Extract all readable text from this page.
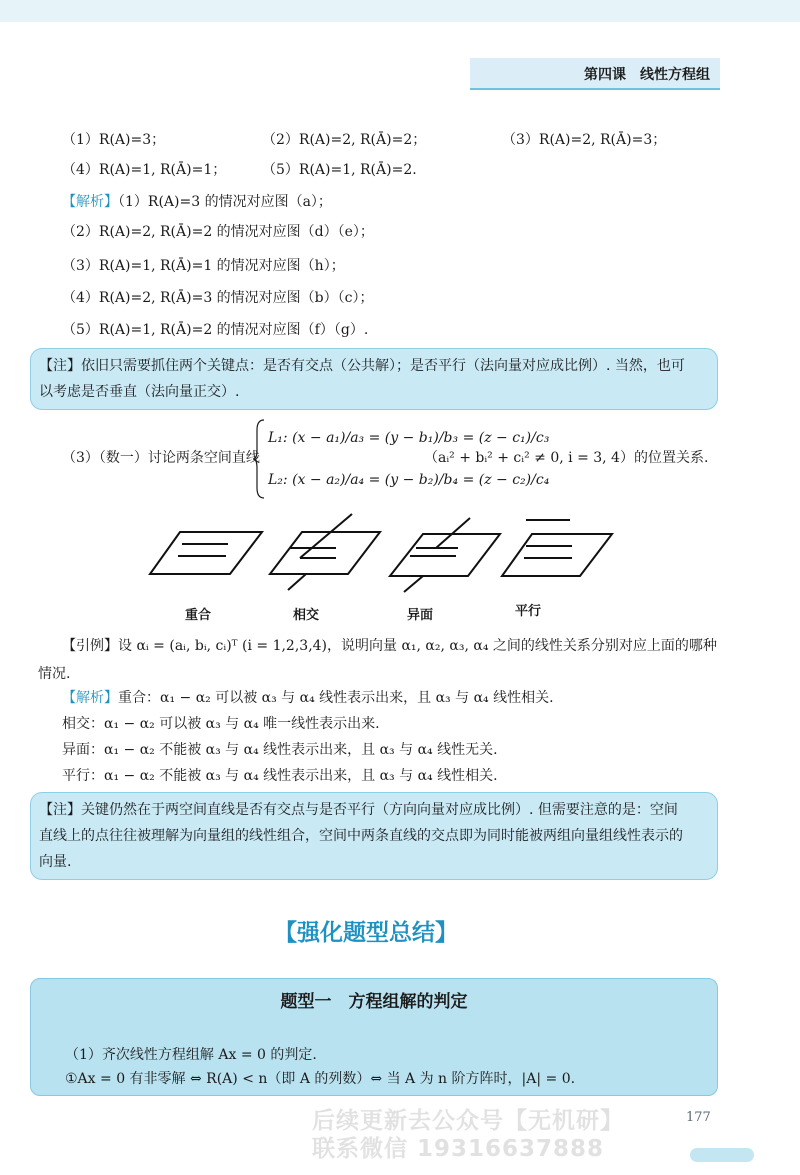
第四课　线性方程组
（1）R(A)=3；	（2）R(A)=2, R(Ā)=2；	（3）R(A)=2, R(Ā)=3；
（4）R(A)=1, R(Ā)=1；	（5）R(A)=1, R(Ā)=2.
【解析】（1）R(A)=3 的情况对应图（a）；
（2）R(A)=2, R(Ā)=2 的情况对应图（d）（e）；
（3）R(A)=1, R(Ā)=1 的情况对应图（h）；
（4）R(A)=2, R(Ā)=3 的情况对应图（b）（c）；
（5）R(A)=1, R(Ā)=2 的情况对应图（f）（g）.

【注】依旧只需要抓住两个关键点：是否有交点（公共解）；是否平行（法向量对应成比例）. 当然，也可

以考虑是否垂直（法向量正交）.

（3）（数一）讨论两条空间直线
L₁: (x − a₁)/a₃ = (y − b₁)/b₃ = (z − c₁)/c₃
L₂: (x − a₂)/a₄ = (y − b₂)/b₄ = (z − c₂)/c₄
（aᵢ² + bᵢ² + cᵢ² ≠ 0, i = 3, 4）的位置关系.
重合	相交	异面	平行
【引例】设 αᵢ = (aᵢ, bᵢ, cᵢ)ᵀ (i = 1,2,3,4)，说明向量 α₁, α₂, α₃, α₄ 之间的线性关系分别对应上面的哪种
情况.
【解析】重合：α₁ − α₂ 可以被 α₃ 与 α₄ 线性表示出来，且 α₃ 与 α₄ 线性相关.
相交：α₁ − α₂ 可以被 α₃ 与 α₄ 唯一线性表示出来.
异面：α₁ − α₂ 不能被 α₃ 与 α₄ 线性表示出来，且 α₃ 与 α₄ 线性无关.
平行：α₁ − α₂ 不能被 α₃ 与 α₄ 线性表示出来，且 α₃ 与 α₄ 线性相关.

【注】关键仍然在于两空间直线是否有交点与是否平行（方向向量对应成比例）. 但需要注意的是：空间

直线上的点往往被理解为向量组的线性组合，空间中两条直线的交点即为同时能被两组向量组线性表示的

向量.

【强化题型总结】
题型一　方程组解的判定
（1）齐次线性方程组解 Ax = 0 的判定.
①Ax = 0 有非零解 ⇔ R(A) < n（即 A 的列数）⇔ 当 A 为 n 阶方阵时，|A| = 0.
后续更新去公众号【无机研】
联系微信 19316637888
177
